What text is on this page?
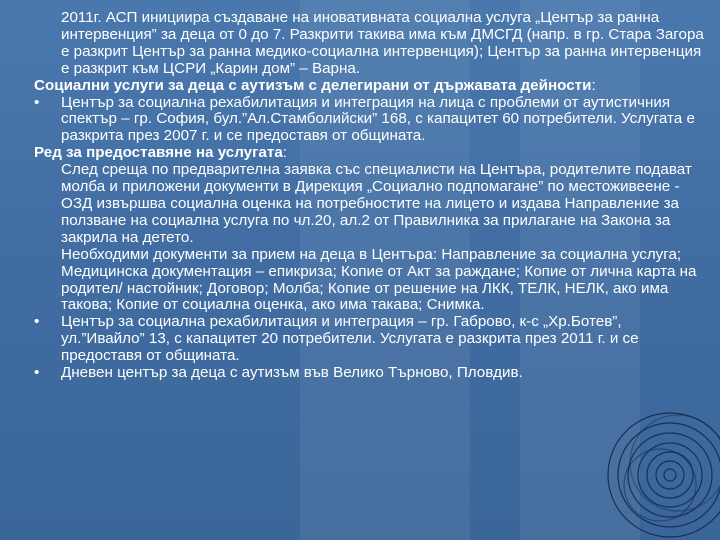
2011г. АСП инициира създаване на иновативната социална услуга „Център за ранна интервенция” за деца от 0 до 7. Разкрити такива има към ДМСГД (напр. в гр. Стара Загора е разкрит Център за ранна медико-социална интервенция); Център за ранна интервенция е разкрит към ЦСРИ „Карин дом” – Варна.

Социални услуги за деца с аутизъм с делегирани от държавата дейности:

•	Център за социална рехабилитация и интеграция на лица с проблеми от аутистичния спектър – гр. София, бул.”Ал.Стамболийски” 168, с капацитет 60 потребители. Услугата е разкрита през 2007 г. и се предоставя от общината.

Ред за предоставяне на услугата:

След среща по предварителна заявка със специалисти на Центъра, родителите подават молба и приложени документи в Дирекция „Социално подпомагане” по местоживеене - ОЗД извършва социална оценка на потребностите на лицето и издава Направление за ползване на социална услуга по чл.20, ал.2 от Правилника за прилагане на Закона за закрила на детето.

Необходими документи за прием на деца в Центъра: Направление за социална услуга; Медицинска документация – епикриза; Копие от Акт за раждане; Копие от лична карта на родител/ настойник; Договор; Молба; Копие от решение на ЛКК, ТЕЛК, НЕЛК, ако има такова; Копие от социална оценка, ако има такава; Снимка.

•	Център за социална рехабилитация и интеграция – гр. Габрово, к-с „Хр.Ботев”, ул.”Ивайло” 13, с капацитет 20 потребители. Услугата е разкрита през 2011 г. и се предоставя от общината.
•	Дневен център за деца с аутизъм във Велико Търново, Пловдив.
